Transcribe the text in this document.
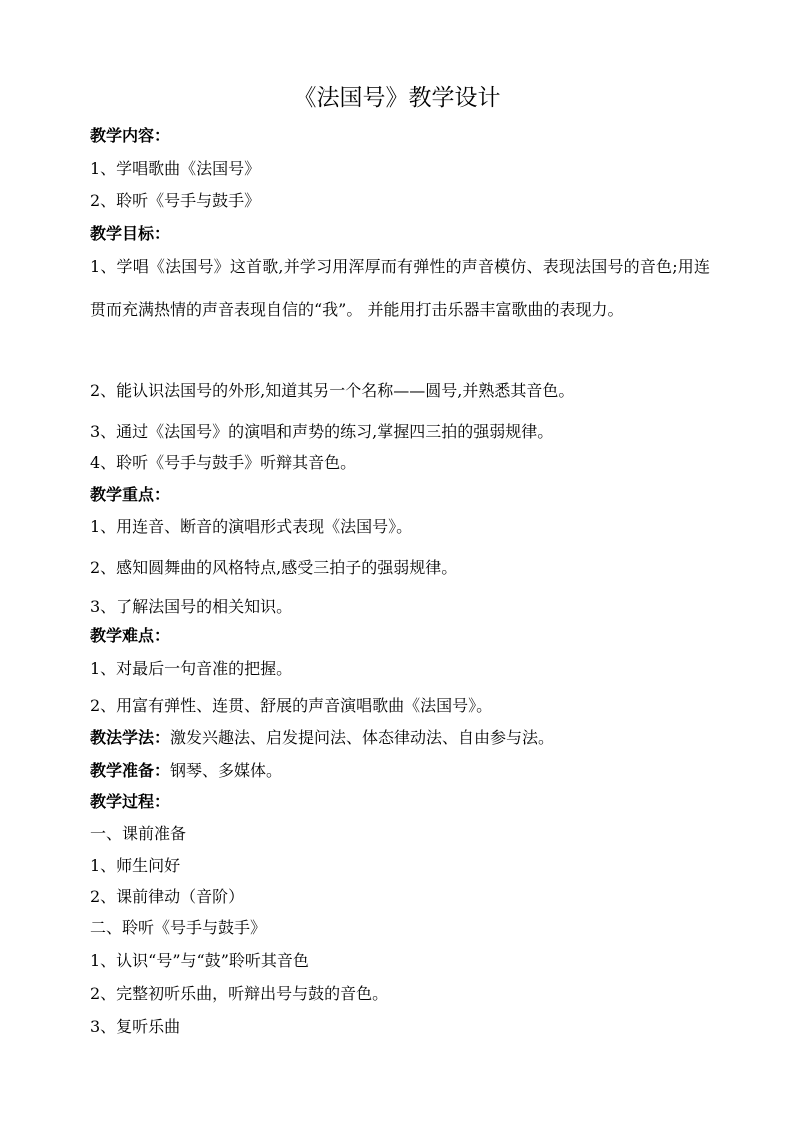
《法国号》教学设计
教学内容：
1、学唱歌曲《法国号》
2、聆听《号手与鼓手》
教学目标：
1、学唱《法国号》这首歌,并学习用浑厚而有弹性的声音模仿、表现法国号的音色;用连贯而充满热情的声音表现自信的“我”。 并能用打击乐器丰富歌曲的表现力。
2、能认识法国号的外形,知道其另一个名称——圆号,并熟悉其音色。
3、通过《法国号》的演唱和声势的练习,掌握四三拍的强弱规律。
4、聆听《号手与鼓手》听辩其音色。
教学重点：
1、用连音、断音的演唱形式表现《法国号》。
2、感知圆舞曲的风格特点,感受三拍子的强弱规律。
3、了解法国号的相关知识。
教学难点：
1、对最后一句音准的把握。
2、用富有弹性、连贯、舒展的声音演唱歌曲《法国号》。
教法学法：激发兴趣法、启发提问法、体态律动法、自由参与法。
教学准备：钢琴、多媒体。
教学过程：
一、课前准备
1、师生问好
2、课前律动（音阶）
二、聆听《号手与鼓手》
1、认识“号”与“鼓”聆听其音色
2、完整初听乐曲，听辩出号与鼓的音色。
3、复听乐曲
